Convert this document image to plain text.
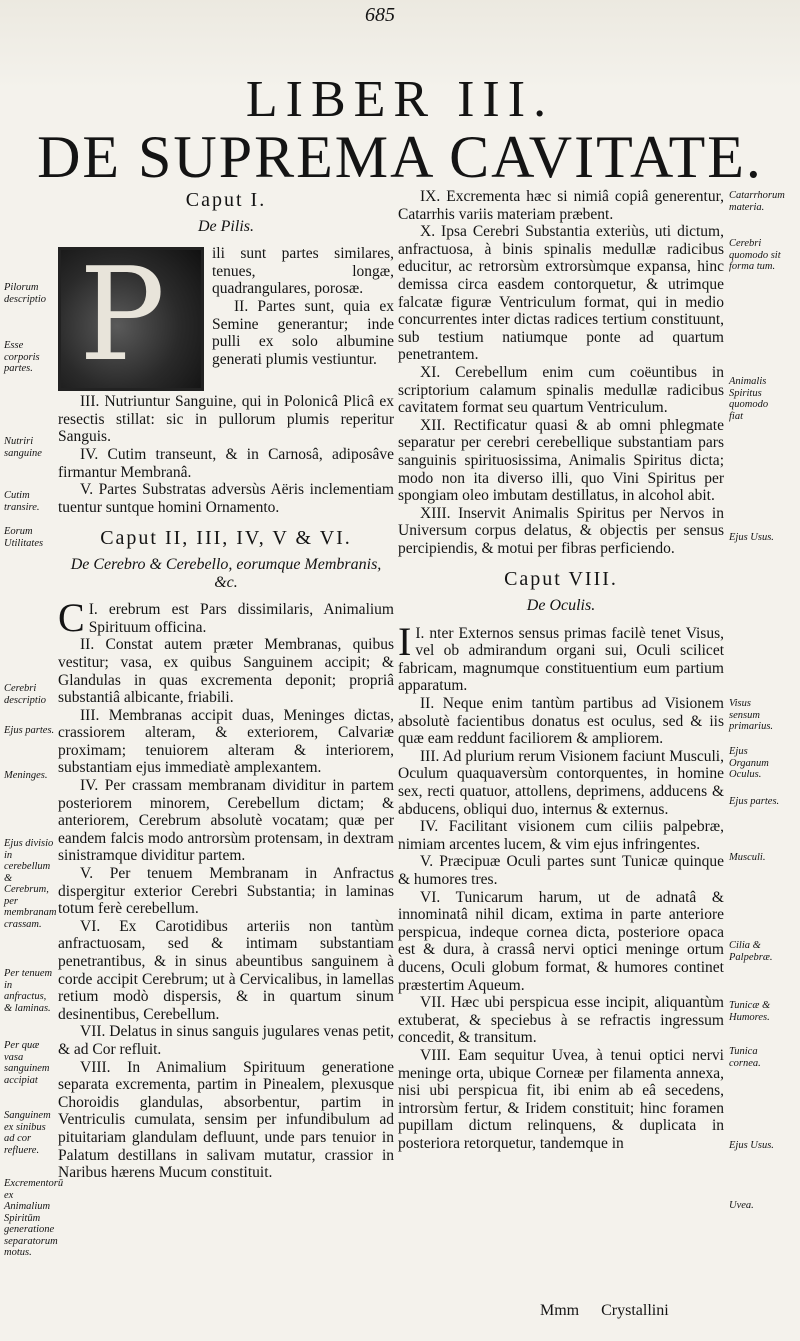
685
LIBER III.
DE SUPREMA CAVITATE.
Caput I.
De Pilis.
P	ili sunt partes similares, tenues, longæ, quadrangulares, porosæ.

II. Partes sunt, quia ex Semine generantur; inde pulli ex solo albumine generati plumis vestiuntur.

III. Nutriuntur Sanguine, qui in Polonicâ Plicâ ex resectis stillat: sic in pullorum plumis reperitur Sanguis.

IV. Cutim transeunt, & in Carnosâ, adiposâve firmantur Membranâ.

V. Partes Substratas adversùs Aëris inclementiam tuentur suntque homini Ornamento.

Caput II, III, IV, V & VI.
De Cerebro & Cerebello, eorumque Membranis, &c.
C I. erebrum est Pars dissimilaris, Animalium Spirituum officina.

II. Constat autem præter Membranas, quibus vestitur; vasa, ex quibus Sanguinem accipit; & Glandulas in quas excrementa deponit; propriâ substantiâ albicante, friabili.

III. Membranas accipit duas, Meninges dictas, crassiorem alteram, & exteriorem, Calvariæ proximam; tenuiorem alteram & interiorem, substantiam ejus immediatè amplexantem.

IV. Per crassam membranam dividitur in partem posteriorem minorem, Cerebellum dictam; & anteriorem, Cerebrum absolutè vocatam; quæ per eandem falcis modo antrorsùm protensam, in dextram sinistramque dividitur partem.

V. Per tenuem Membranam in Anfractus dispergitur exterior Cerebri Substantia; in laminas totum ferè cerebellum.

VI. Ex Carotidibus arteriis non tantùm anfractuosam, sed & intimam substantiam penetrantibus, & in sinus abeuntibus sanguinem à corde accipit Cerebrum; ut à Cervicalibus, in lamellas retium modò dispersis, & in quartum sinum desinentibus, Cerebellum.

VII. Delatus in sinus sanguis jugulares venas petit, & ad Cor refluit.

VIII. In Animalium Spirituum generatione separata excrementa, partim in Pinealem, plexusque Choroidis glandulas, absorbentur, partim in Ventriculis cumulata, sensim per infundibulum ad pituitariam glandulam defluunt, unde pars tenuior in Palatum destillans in salivam mutatur, crassior in Naribus hærens Mucum constituit.

IX. Excrementa hæc si nimiâ copiâ generentur, Catarrhis variis materiam præbent.

X. Ipsa Cerebri Substantia exteriùs, uti dictum, anfractuosa, à binis spinalis medullæ radicibus educitur, ac retrorsùm extrorsùmque expansa, hinc demissa circa easdem contorquetur, & utrimque falcatæ figuræ Ventriculum format, qui in medio concurrentes inter dictas radices tertium constituunt, sub testium natiumque ponte ad quartum penetrantem.

XI. Cerebellum enim cum coëuntibus in scriptorium calamum spinalis medullæ radicibus cavitatem format seu quartum Ventriculum.

XII. Rectificatur quasi & ab omni phlegmate separatur per cerebri cerebellique substantiam pars sanguinis spirituosissima, Animalis Spiritus dicta; modo non ita diverso illi, quo Vini Spiritus per spongiam oleo imbutam destillatus, in alcohol abit.

XIII. Inservit Animalis Spiritus per Nervos in Universum corpus delatus, & objectis per sensus percipiendis, & motui per fibras perficiendo.

Caput VIII.
De Oculis.
I I. nter Externos sensus primas facilè tenet Visus, vel ob admirandum organi sui, Oculi scilicet fabricam, magnumque constituentium eum partium apparatum.

II. Neque enim tantùm partibus ad Visionem absolutè facientibus donatus est oculus, sed & iis quæ eam reddunt faciliorem & ampliorem.

III. Ad plurium rerum Visionem faciunt Musculi, Oculum quaquaversùm contorquentes, in homine sex, recti quatuor, attollens, deprimens, adducens & abducens, obliqui duo, internus & externus.

IV. Facilitant visionem cum ciliis palpebræ, nimiam arcentes lucem, & vim ejus infringentes.

V. Præcipuæ Oculi partes sunt Tunicæ quinque & humores tres.

VI. Tunicarum harum, ut de adnatâ & innominatâ nihil dicam, extima in parte anteriore perspicua, indeque cornea dicta, posteriore opaca est & dura, à crassâ nervi optici meninge ortum ducens, Oculi globum format, & humores continet præstertim Aqueum.

VII. Hæc ubi perspicua esse incipit, aliquantùm extuberat, & speciebus à se refractis ingressum concedit, & transitum.

VIII. Eam sequitur Uvea, à tenui optici nervi meninge orta, ubique Corneæ per filamenta annexa, nisi ubi perspicua fit, ibi enim ab eâ secedens, introrsùm fertur, & Iridem constituit; hinc foramen pupillam dictum relinquens, & duplicata in posteriora retorquetur, tandemque in

Pilorum descriptio
Esse corporis partes.
Nutriri sanguine
Cutim transire.
Eorum Utilitates
Cerebri descriptio
Ejus partes.
Meninges.
Ejus divisio in cerebellum & Cerebrum, per membranam crassam.
Per tenuem in anfractus, & laminas.
Per quæ vasa sanguinem accipiat
Sanguinem ex sinibus ad cor refluere.
Excrementorū ex Animalium Spiritūm generatione separatorum motus.
Catarrhorum materia.
Cerebri quomodo sit forma tum.
Animalis Spiritus quomodo fiat
Ejus Usus.
Visus sensum primarius.
Ejus Organum Oculus.
Ejus partes.
Musculi.
Cilia & Palpebræ.
Tunicæ & Humores.
Tunica cornea.
Ejus Usus.
Uvea.
Mmm Crystallini
